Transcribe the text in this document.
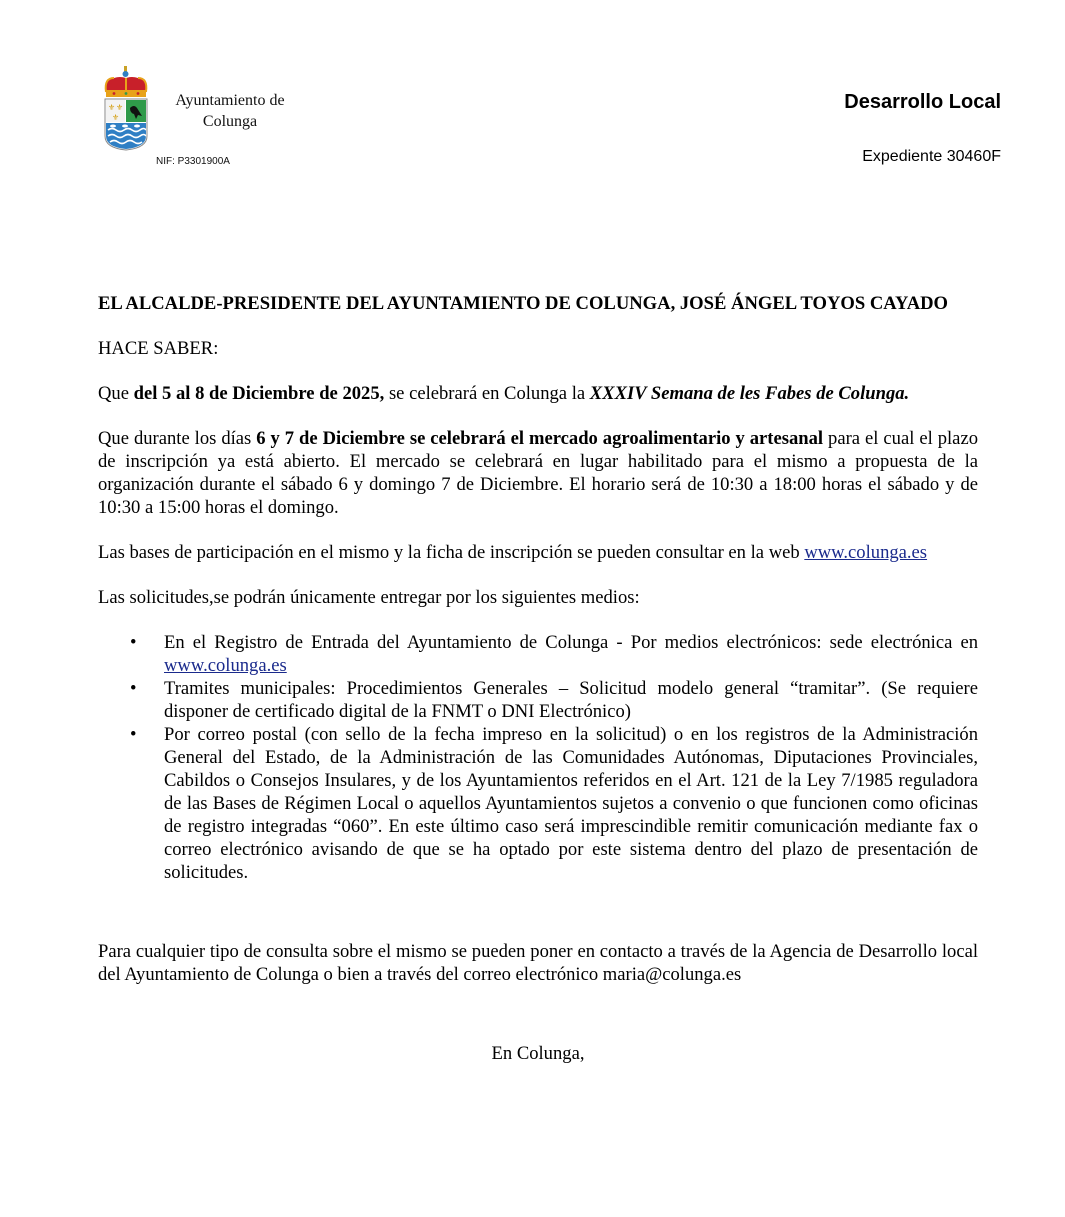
⚜ ⚜
⚜
Ayuntamiento de
Colunga
NIF: P3301900A
Desarrollo Local
Expediente 30460F

EL ALCALDE-PRESIDENTE DEL AYUNTAMIENTO DE COLUNGA, JOSÉ ÁNGEL TOYOS CAYADO

HACE SABER:

Que del 5 al 8 de Diciembre de 2025, se celebrará en Colunga la XXXIV Semana de les Fabes de Colunga.

Que durante los días 6 y 7 de Diciembre se celebrará el mercado agroalimentario y artesanal para el cual el plazo de inscripción ya está abierto. El mercado se celebrará en lugar habilitado para el mismo a propuesta de la organización durante el sábado 6 y domingo 7 de Diciembre. El horario será de 10:30 a 18:00 horas el sábado y de 10:30 a 15:00 horas el domingo.

Las bases de participación en el mismo y la ficha de inscripción se pueden consultar en la web www.colunga.es

Las solicitudes,se podrán únicamente entregar por los siguientes medios:

• En el Registro de Entrada del Ayuntamiento de Colunga - Por medios electrónicos: sede electrónica en www.colunga.es
• Tramites municipales: Procedimientos Generales – Solicitud modelo general “tramitar”. (Se requiere disponer de certificado digital de la FNMT o DNI Electrónico)
• Por correo postal (con sello de la fecha impreso en la solicitud) o en los registros de la Administración General del Estado, de la Administración de las Comunidades Autónomas, Diputaciones Provinciales, Cabildos o Consejos Insulares, y de los Ayuntamientos referidos en el Art. 121 de la Ley 7/1985 reguladora de las Bases de Régimen Local o aquellos Ayuntamientos sujetos a convenio o que funcionen como oficinas de registro integradas “060”. En este último caso será imprescindible remitir comunicación mediante fax o correo electrónico avisando de que se ha optado por este sistema dentro del plazo de presentación de solicitudes.

Para cualquier tipo de consulta sobre el mismo se pueden poner en contacto a través de la Agencia de Desarrollo local del Ayuntamiento de Colunga o bien a través del correo electrónico maria@colunga.es

En Colunga,
